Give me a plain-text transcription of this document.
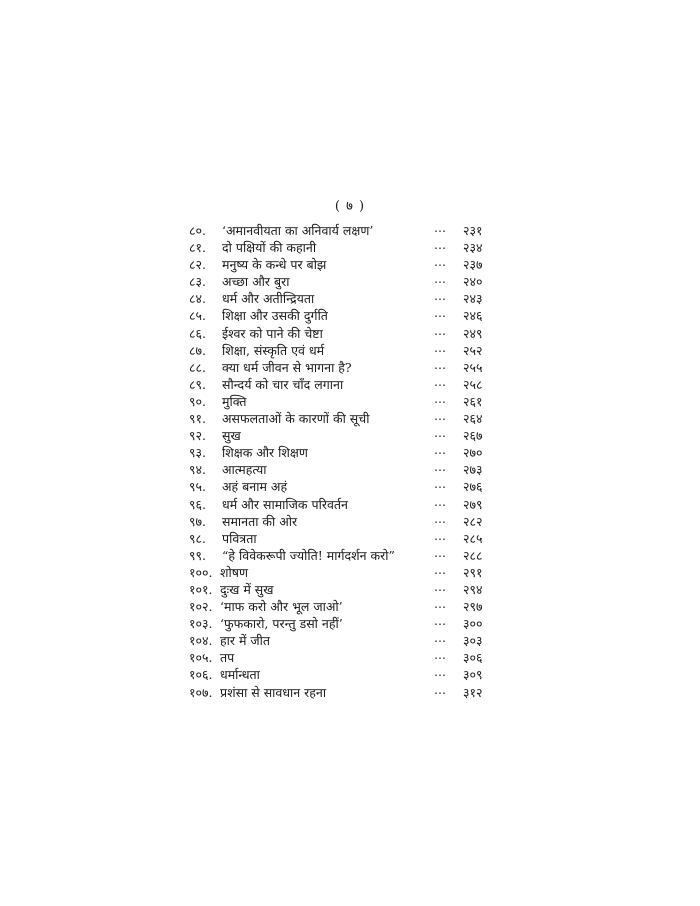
( ७ )
८०. ‘अमानवीयता का अनिवार्य लक्षण’	… २३१
८१. दो पक्षियों की कहानी	… २३४
८२. मनुष्य के कन्धे पर बोझ	… २३७
८३. अच्छा और बुरा	… २४०
८४. धर्म और अतीन्द्रियता	… २४३
८५. शिक्षा और उसकी दुर्गति	… २४६
८६. ईश्वर को पाने की चेष्टा	… २४९
८७. शिक्षा, संस्कृति एवं धर्म	… २५२
८८. क्या धर्म जीवन से भागना है?	… २५५
८९. सौन्दर्य को चार चाँद लगाना	… २५८
९०. मुक्ति	… २६१
९१. असफलताओं के कारणों की सूची	… २६४
९२. सुख	… २६७
९३. शिक्षक और शिक्षण	… २७०
९४. आत्महत्या	… २७३
९५. अहं बनाम अहं	… २७६
९६. धर्म और सामाजिक परिवर्तन	… २७९
९७. समानता की ओर	… २८२
९८. पवित्रता	… २८५
९९. “हे विवेकरूपी ज्योति! मार्गदर्शन करो”	… २८८
१००. शोषण	… २९१
१०१. दुःख में सुख	… २९४
१०२. ‘माफ करो और भूल जाओ’	… २९७
१०३. ‘फुफकारो, परन्तु डसो नहीं’	… ३००
१०४. हार में जीत	… ३०३
१०५. तप	… ३०६
१०६. धर्मान्धता	… ३०९
१०७. प्रशंसा से सावधान रहना	… ३१२
